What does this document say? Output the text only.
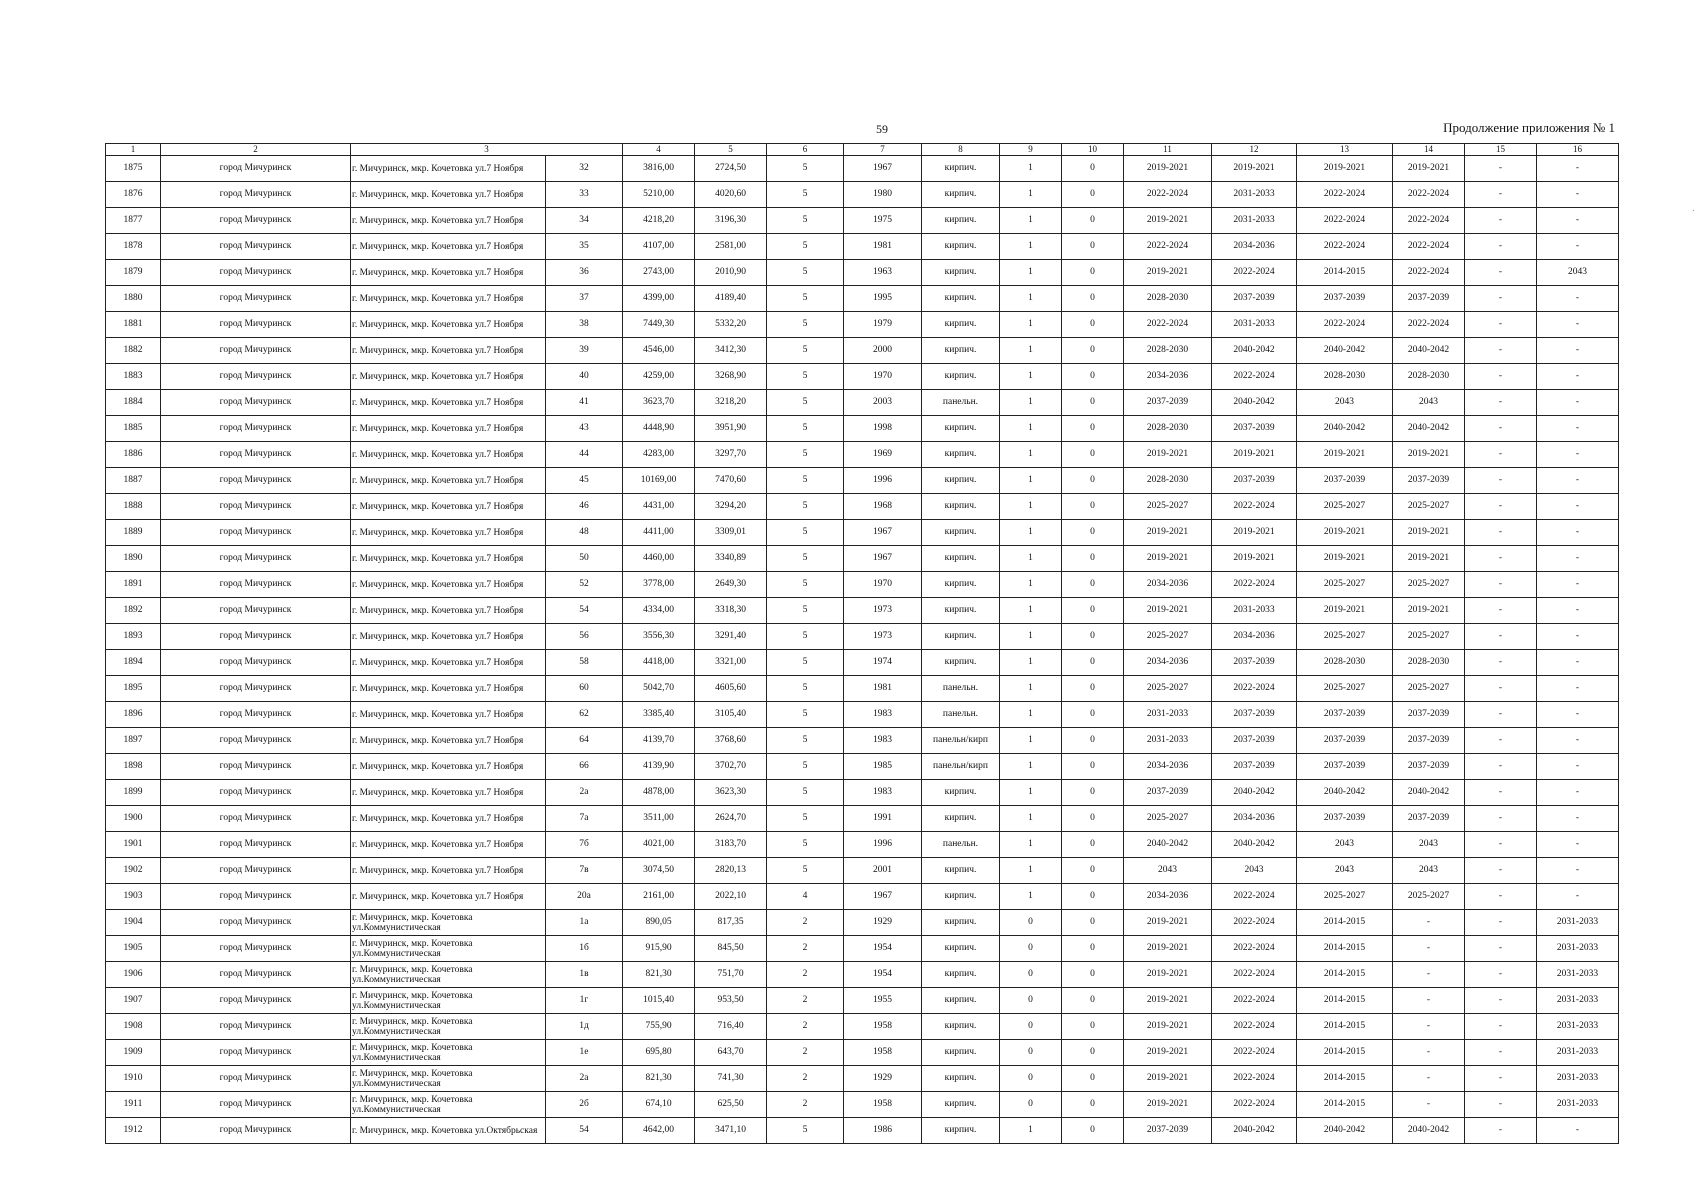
59	Продолжение приложения № 1
1	2	3		4	5	6	7	8	9	10	11	12	13	14	15	16
1875	город Мичуринск	г. Мичуринск, мкр. Кочетовка ул.7 Ноября	32	3816,00	2724,50	5	1967	кирпич.	1	0	2019-2021	2019-2021	2019-2021	2019-2021	-	-
1876	город Мичуринск	г. Мичуринск, мкр. Кочетовка ул.7 Ноября	33	5210,00	4020,60	5	1980	кирпич.	1	0	2022-2024	2031-2033	2022-2024	2022-2024	-	-
1877	город Мичуринск	г. Мичуринск, мкр. Кочетовка ул.7 Ноября	34	4218,20	3196,30	5	1975	кирпич.	1	0	2019-2021	2031-2033	2022-2024	2022-2024	-	-
1878	город Мичуринск	г. Мичуринск, мкр. Кочетовка ул.7 Ноября	35	4107,00	2581,00	5	1981	кирпич.	1	0	2022-2024	2034-2036	2022-2024	2022-2024	-	-
1879	город Мичуринск	г. Мичуринск, мкр. Кочетовка ул.7 Ноября	36	2743,00	2010,90	5	1963	кирпич.	1	0	2019-2021	2022-2024	2014-2015	2022-2024	-	2043
1880	город Мичуринск	г. Мичуринск, мкр. Кочетовка ул.7 Ноября	37	4399,00	4189,40	5	1995	кирпич.	1	0	2028-2030	2037-2039	2037-2039	2037-2039	-	-
1881	город Мичуринск	г. Мичуринск, мкр. Кочетовка ул.7 Ноября	38	7449,30	5332,20	5	1979	кирпич.	1	0	2022-2024	2031-2033	2022-2024	2022-2024	-	-
1882	город Мичуринск	г. Мичуринск, мкр. Кочетовка ул.7 Ноября	39	4546,00	3412,30	5	2000	кирпич.	1	0	2028-2030	2040-2042	2040-2042	2040-2042	-	-
1883	город Мичуринск	г. Мичуринск, мкр. Кочетовка ул.7 Ноября	40	4259,00	3268,90	5	1970	кирпич.	1	0	2034-2036	2022-2024	2028-2030	2028-2030	-	-
1884	город Мичуринск	г. Мичуринск, мкр. Кочетовка ул.7 Ноября	41	3623,70	3218,20	5	2003	панельн.	1	0	2037-2039	2040-2042	2043	2043	-	-
1885	город Мичуринск	г. Мичуринск, мкр. Кочетовка ул.7 Ноября	43	4448,90	3951,90	5	1998	кирпич.	1	0	2028-2030	2037-2039	2040-2042	2040-2042	-	-
1886	город Мичуринск	г. Мичуринск, мкр. Кочетовка ул.7 Ноября	44	4283,00	3297,70	5	1969	кирпич.	1	0	2019-2021	2019-2021	2019-2021	2019-2021	-	-
1887	город Мичуринск	г. Мичуринск, мкр. Кочетовка ул.7 Ноября	45	10169,00	7470,60	5	1996	кирпич.	1	0	2028-2030	2037-2039	2037-2039	2037-2039	-	-
1888	город Мичуринск	г. Мичуринск, мкр. Кочетовка ул.7 Ноября	46	4431,00	3294,20	5	1968	кирпич.	1	0	2025-2027	2022-2024	2025-2027	2025-2027	-	-
1889	город Мичуринск	г. Мичуринск, мкр. Кочетовка ул.7 Ноября	48	4411,00	3309,01	5	1967	кирпич.	1	0	2019-2021	2019-2021	2019-2021	2019-2021	-	-
1890	город Мичуринск	г. Мичуринск, мкр. Кочетовка ул.7 Ноября	50	4460,00	3340,89	5	1967	кирпич.	1	0	2019-2021	2019-2021	2019-2021	2019-2021	-	-
1891	город Мичуринск	г. Мичуринск, мкр. Кочетовка ул.7 Ноября	52	3778,00	2649,30	5	1970	кирпич.	1	0	2034-2036	2022-2024	2025-2027	2025-2027	-	-
1892	город Мичуринск	г. Мичуринск, мкр. Кочетовка ул.7 Ноября	54	4334,00	3318,30	5	1973	кирпич.	1	0	2019-2021	2031-2033	2019-2021	2019-2021	-	-
1893	город Мичуринск	г. Мичуринск, мкр. Кочетовка ул.7 Ноября	56	3556,30	3291,40	5	1973	кирпич.	1	0	2025-2027	2034-2036	2025-2027	2025-2027	-	-
1894	город Мичуринск	г. Мичуринск, мкр. Кочетовка ул.7 Ноября	58	4418,00	3321,00	5	1974	кирпич.	1	0	2034-2036	2037-2039	2028-2030	2028-2030	-	-
1895	город Мичуринск	г. Мичуринск, мкр. Кочетовка ул.7 Ноября	60	5042,70	4605,60	5	1981	панельн.	1	0	2025-2027	2022-2024	2025-2027	2025-2027	-	-
1896	город Мичуринск	г. Мичуринск, мкр. Кочетовка ул.7 Ноября	62	3385,40	3105,40	5	1983	панельн.	1	0	2031-2033	2037-2039	2037-2039	2037-2039	-	-
1897	город Мичуринск	г. Мичуринск, мкр. Кочетовка ул.7 Ноября	64	4139,70	3768,60	5	1983	панельн/кирп	1	0	2031-2033	2037-2039	2037-2039	2037-2039	-	-
1898	город Мичуринск	г. Мичуринск, мкр. Кочетовка ул.7 Ноября	66	4139,90	3702,70	5	1985	панельн/кирп	1	0	2034-2036	2037-2039	2037-2039	2037-2039	-	-
1899	город Мичуринск	г. Мичуринск, мкр. Кочетовка ул.7 Ноября	2а	4878,00	3623,30	5	1983	кирпич.	1	0	2037-2039	2040-2042	2040-2042	2040-2042	-	-
1900	город Мичуринск	г. Мичуринск, мкр. Кочетовка ул.7 Ноября	7а	3511,00	2624,70	5	1991	кирпич.	1	0	2025-2027	2034-2036	2037-2039	2037-2039	-	-
1901	город Мичуринск	г. Мичуринск, мкр. Кочетовка ул.7 Ноября	7б	4021,00	3183,70	5	1996	панельн.	1	0	2040-2042	2040-2042	2043	2043	-	-
1902	город Мичуринск	г. Мичуринск, мкр. Кочетовка ул.7 Ноября	7в	3074,50	2820,13	5	2001	кирпич.	1	0	2043	2043	2043	2043	-	-
1903	город Мичуринск	г. Мичуринск, мкр. Кочетовка ул.7 Ноября	20а	2161,00	2022,10	4	1967	кирпич.	1	0	2034-2036	2022-2024	2025-2027	2025-2027	-	-
1904	город Мичуринск	г. Мичуринск, мкр. Кочетовка ул.Коммунистическая	1а	890,05	817,35	2	1929	кирпич.	0	0	2019-2021	2022-2024	2014-2015	-	-	2031-2033
1905	город Мичуринск	г. Мичуринск, мкр. Кочетовка ул.Коммунистическая	1б	915,90	845,50	2	1954	кирпич.	0	0	2019-2021	2022-2024	2014-2015	-	-	2031-2033
1906	город Мичуринск	г. Мичуринск, мкр. Кочетовка ул.Коммунистическая	1в	821,30	751,70	2	1954	кирпич.	0	0	2019-2021	2022-2024	2014-2015	-	-	2031-2033
1907	город Мичуринск	г. Мичуринск, мкр. Кочетовка ул.Коммунистическая	1г	1015,40	953,50	2	1955	кирпич.	0	0	2019-2021	2022-2024	2014-2015	-	-	2031-2033
1908	город Мичуринск	г. Мичуринск, мкр. Кочетовка ул.Коммунистическая	1д	755,90	716,40	2	1958	кирпич.	0	0	2019-2021	2022-2024	2014-2015	-	-	2031-2033
1909	город Мичуринск	г. Мичуринск, мкр. Кочетовка ул.Коммунистическая	1е	695,80	643,70	2	1958	кирпич.	0	0	2019-2021	2022-2024	2014-2015	-	-	2031-2033
1910	город Мичуринск	г. Мичуринск, мкр. Кочетовка ул.Коммунистическая	2а	821,30	741,30	2	1929	кирпич.	0	0	2019-2021	2022-2024	2014-2015	-	-	2031-2033
1911	город Мичуринск	г. Мичуринск, мкр. Кочетовка ул.Коммунистическая	2б	674,10	625,50	2	1958	кирпич.	0	0	2019-2021	2022-2024	2014-2015	-	-	2031-2033
1912	город Мичуринск	г. Мичуринск, мкр. Кочетовка ул.Октябрьская	54	4642,00	3471,10	5	1986	кирпич.	1	0	2037-2039	2040-2042	2040-2042	2040-2042	-	-
